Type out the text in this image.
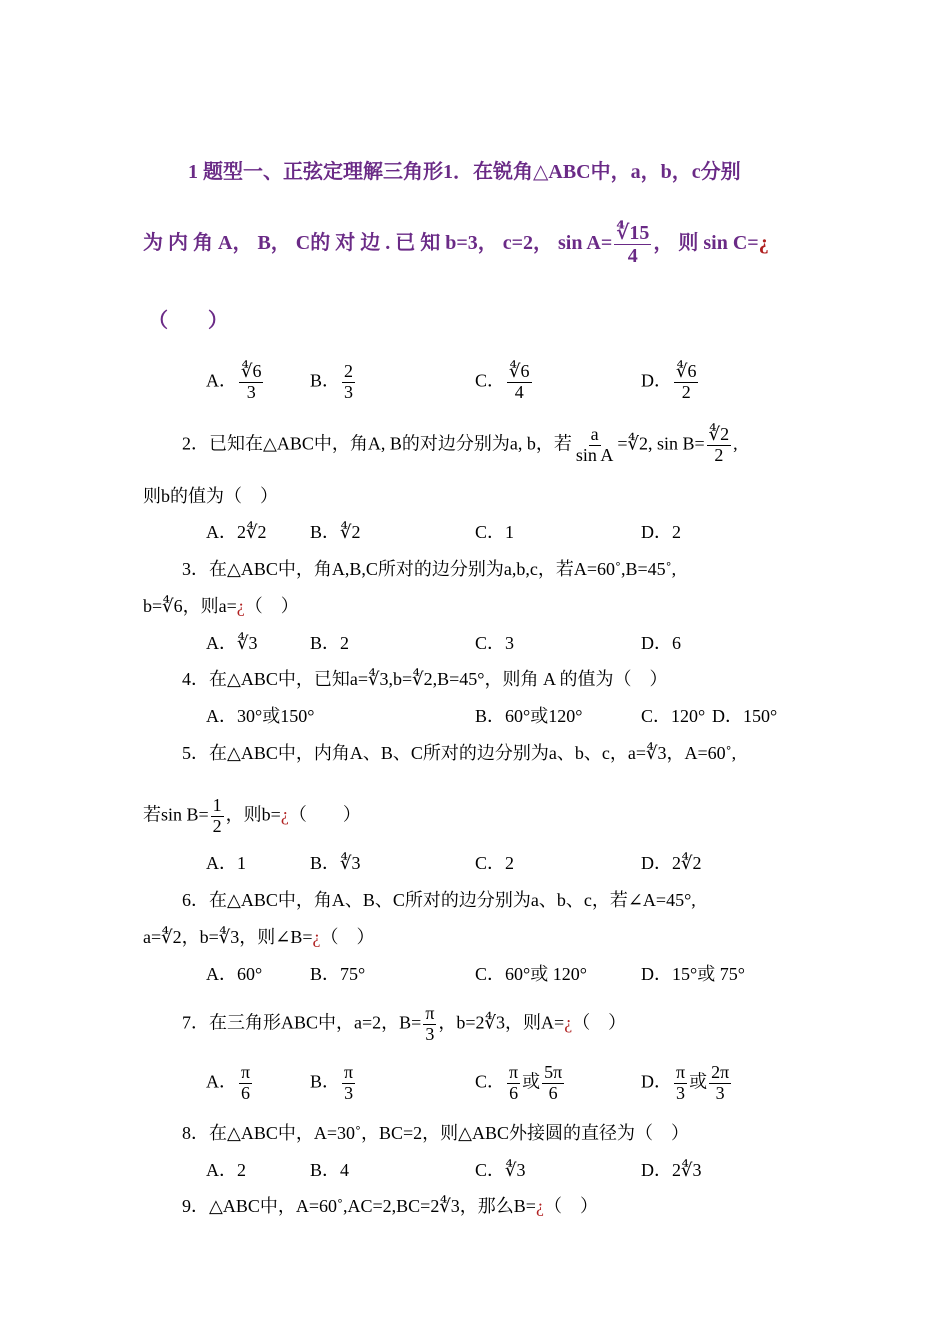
1 题型一、正弦定理解三角形1．在锐角△ABC中，a，b，c分别
为 内 角 A， B， C的 对 边 . 已 知 b=3， c=2， $\sin A= \frac{∜15}{4}$ ， 则 sin C=¿
（　　）
A． $\frac{∜6}{3}$	B． $\frac{2}{3}$	C． $\frac{∜6}{4}$	D． $\frac{∜6}{2}$
2．已知在△ABC中，角A, B的对边分别为a, b，若 $\frac{a}{\text{sin A}}$ =∜2, $\sin B= \frac{∜2}{2}$ ,
则b的值为（　）
A．2∜2 B．∜2	C．1	D．2
3．在△ABC中，角A,B,C所对的边分别为a,b,c，若A=60˚,B=45˚,
b=∜6，则a=¿（　）
A．∜3	B．2	C．3	D．6
4．在△ABC中，已知a=∜3,b=∜2,B=45°，则角 A 的值为（　）
A．30°或150°	B．60°或120°	C．120° D．150°
5．在△ABC中，内角A、B、C所对的边分别为a、b、c，a=∜3，A=60˚,
若$\sin B= \frac{1}{2}$ ，则b=¿（　　）
A．1	B．∜3	C．2	D．2∜2
6．在△ABC中，角A、B、C所对的边分别为a、b、c，若∠A=45°,
a=∜2，b=∜3，则∠B=¿（　）
A．60°	B．75°	C．60°或 120°	D．15°或 75°
7．在三角形ABC中，a=2，$B= \frac{\pi}{3}$ ，b=2∜3，则A=¿（　）
A． $\frac{\pi}{6}$	B． $\frac{\pi}{3}$	C． $\frac{\pi}{6}$ 或 $\frac{5\pi}{6}$	D． $\frac{\pi}{3}$ 或 $\frac{2\pi}{3}$
8．在△ABC中，A=30˚，BC=2，则△ABC外接圆的直径为（　）
A．2	B．4	C．∜3	D．2∜3
9．△ABC中，A=60˚,AC=2,BC=2∜3，那么B=¿（　）
